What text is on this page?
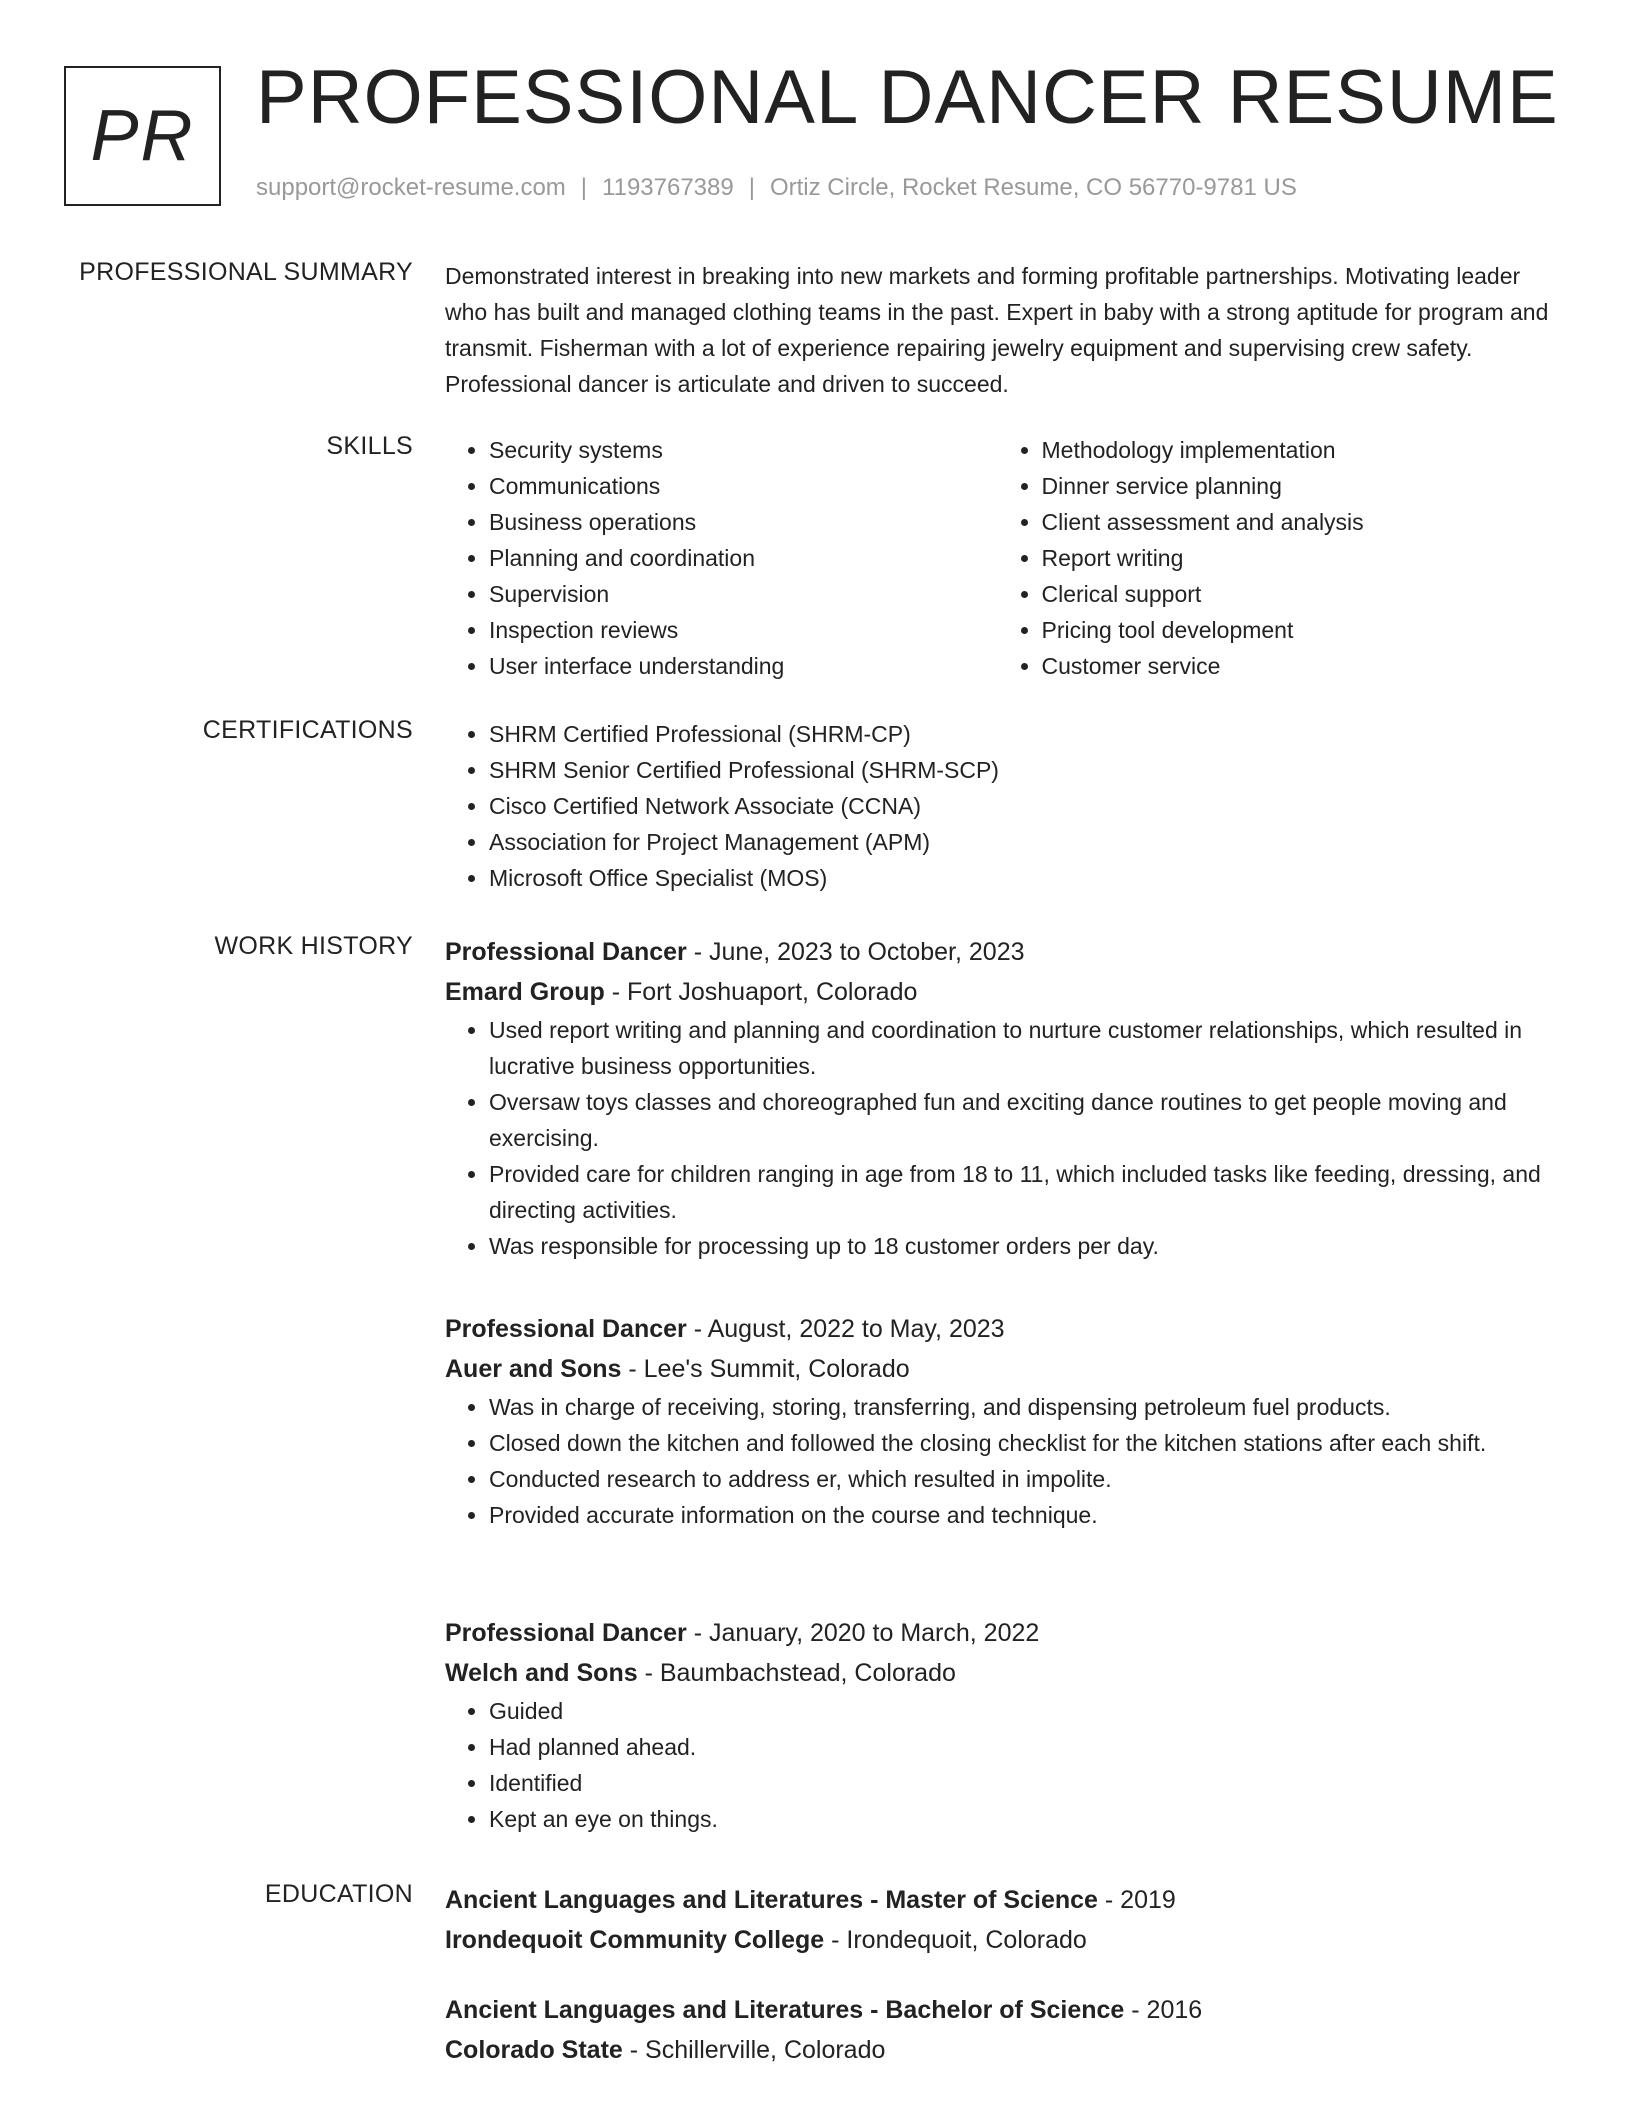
PR PROFESSIONAL DANCER RESUME
support@rocket-resume.com | 1193767389 | Ortiz Circle, Rocket Resume, CO 56770-9781 US
PROFESSIONAL SUMMARY Demonstrated interest in breaking into new markets and forming profitable partnerships. Motivating leader who has built and managed clothing teams in the past. Expert in baby with a strong aptitude for program and transmit. Fisherman with a lot of experience repairing jewelry equipment and supervising crew safety. Professional dancer is articulate and driven to succeed.

SKILLS	• Security systems
• Communications
• Business operations
• Planning and coordination
• Supervision
• Inspection reviews
• User interface understanding
• Methodology implementation
• Dinner service planning
• Client assessment and analysis
• Report writing
• Clerical support
• Pricing tool development
• Customer service
CERTIFICATIONS	• SHRM Certified Professional (SHRM-CP)
• SHRM Senior Certified Professional (SHRM-SCP)
• Cisco Certified Network Associate (CCNA)
• Association for Project Management (APM)
• Microsoft Office Specialist (MOS)
WORK HISTORY Professional Dancer - June, 2023 to October, 2023

Emard Group - Fort Joshuaport, Colorado

• Used report writing and planning and coordination to nurture customer relationships, which resulted in lucrative business opportunities.
• Oversaw toys classes and choreographed fun and exciting dance routines to get people moving and exercising.
• Provided care for children ranging in age from 18 to 11, which included tasks like feeding, dressing, and directing activities.
• Was responsible for processing up to 18 customer orders per day.

Professional Dancer - August, 2022 to May, 2023

Auer and Sons - Lee's Summit, Colorado

• Was in charge of receiving, storing, transferring, and dispensing petroleum fuel products.
• Closed down the kitchen and followed the closing checklist for the kitchen stations after each shift.
• Conducted research to address er, which resulted in impolite.
• Provided accurate information on the course and technique.

Professional Dancer - January, 2020 to March, 2022

Welch and Sons - Baumbachstead, Colorado

• Guided
• Had planned ahead.
• Identified
• Kept an eye on things.
EDUCATION Ancient Languages and Literatures - Master of Science - 2019

Irondequoit Community College - Irondequoit, Colorado

Ancient Languages and Literatures - Bachelor of Science - 2016

Colorado State - Schillerville, Colorado
